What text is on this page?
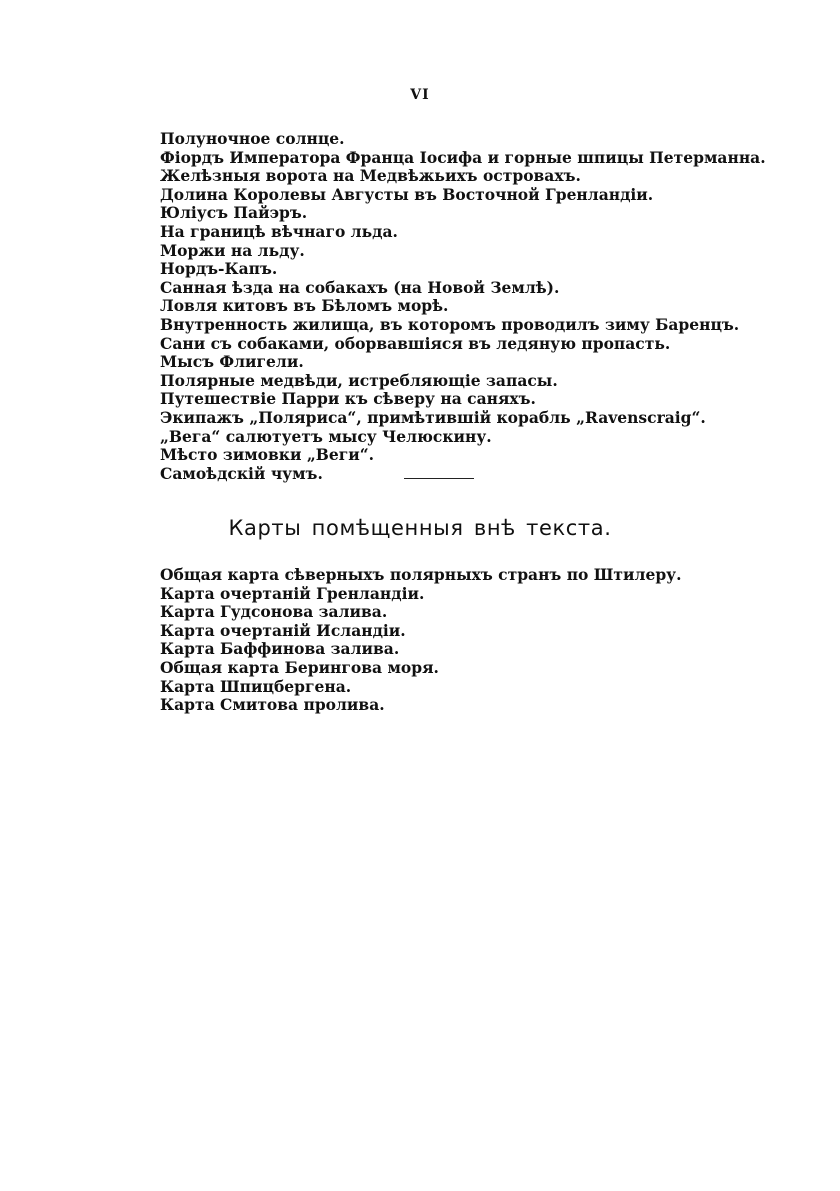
VI
Полуночное солнце.
Фіордъ Императора Франца Іосифа и горные шпицы Петерманна.
Желѣзныя ворота на Медвѣжьихъ островахъ.
Долина Королевы Августы въ Восточной Гренландіи.
Юліусъ Пайэръ.
На границѣ вѣчнаго льда.
Моржи на льду.
Нордъ-Капъ.
Санная ѣзда на собакахъ (на Новой Землѣ).
Ловля китовъ въ Бѣломъ морѣ.
Внутренность жилища, въ которомъ проводилъ зиму Баренцъ.
Сани съ собаками, оборвавшіяся въ ледяную пропасть.
Мысъ Флигели.
Полярные медвѣди, истребляющіе запасы.
Путешествіе Парри къ сѣверу на саняхъ.
Экипажъ „Поляриса“, примѣтившій корабль „Ravenscraig“.
„Вега“ салютуетъ мысу Челюскину.
Мѣсто зимовки „Веги“.
Самоѣдскій чумъ.
Карты помѣщенныя внѣ текста.
Общая карта сѣверныхъ полярныхъ странъ по Штилеру.
Карта очертаній Гренландіи.
Карта Гудсонова залива.
Карта очертаній Исландіи.
Карта Баффинова залива.
Общая карта Берингова моря.
Карта Шпицбергена.
Карта Смитова пролива.
